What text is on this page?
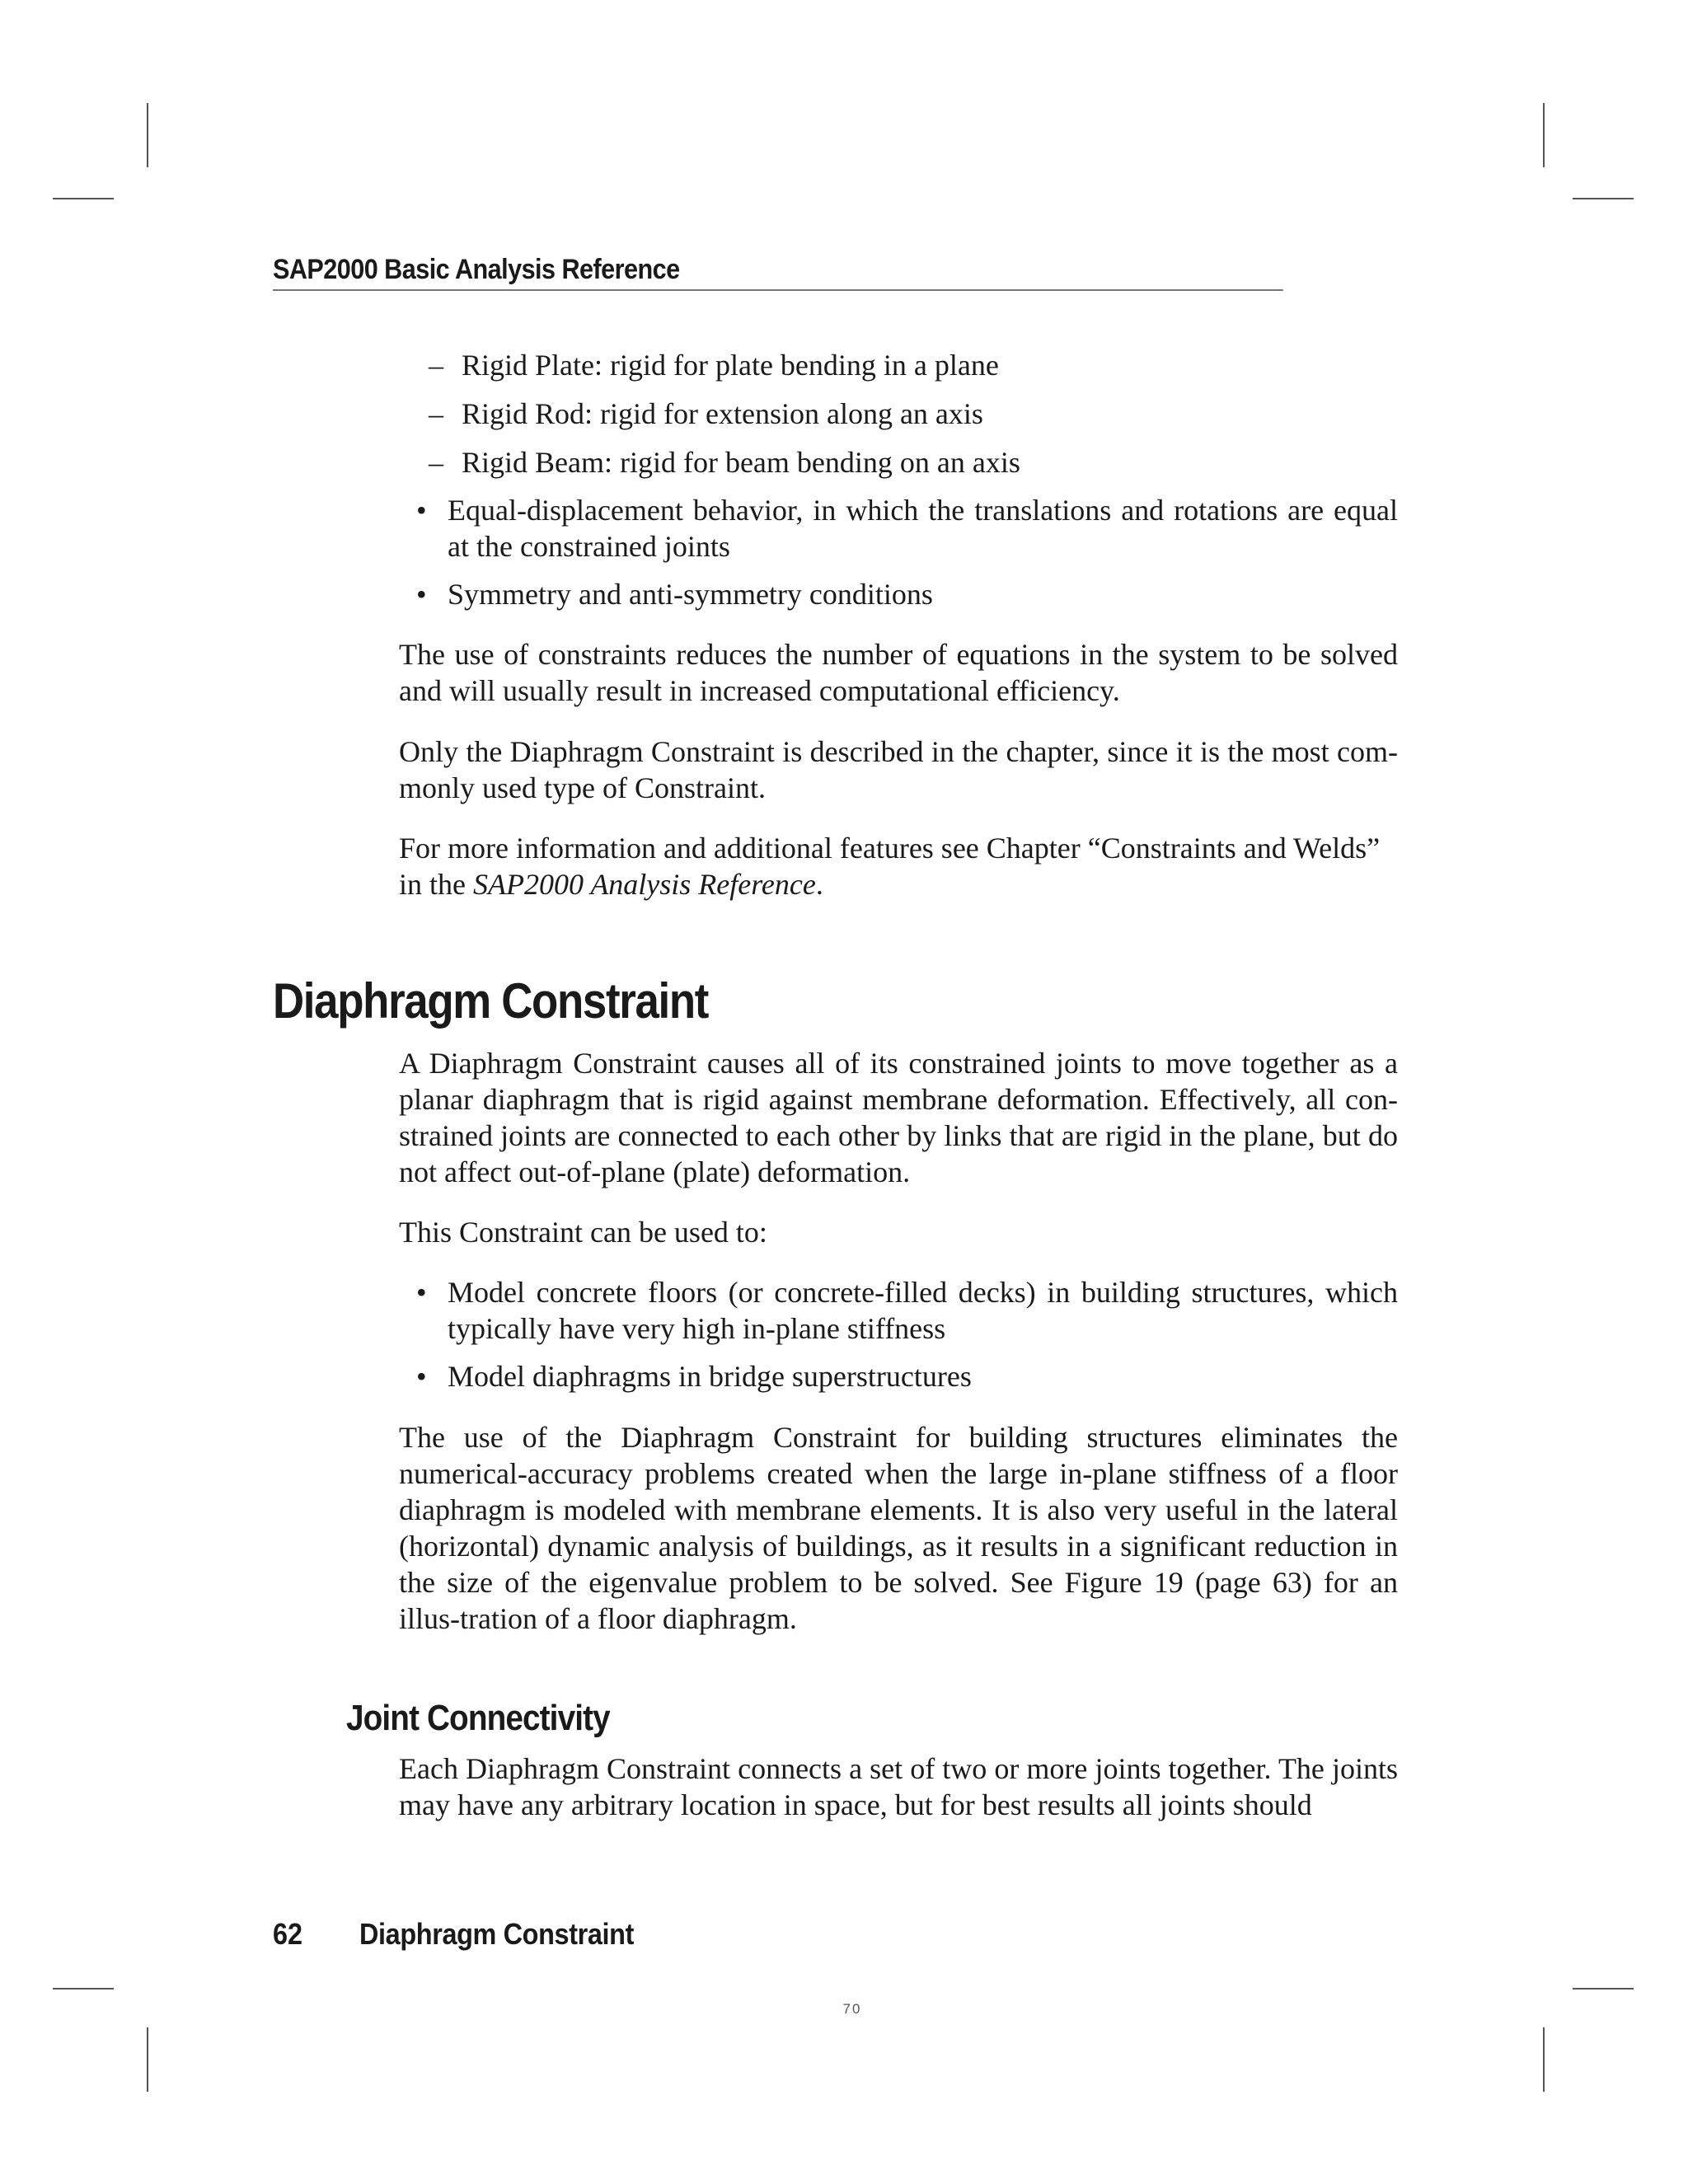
SAP2000 Basic Analysis Reference
– Rigid Plate: rigid for plate bending in a plane
– Rigid Rod: rigid for extension along an axis
– Rigid Beam: rigid for beam bending on an axis
• Equal-displacement behavior, in which the translations and rotations are equal at the constrained joints
• Symmetry and anti-symmetry conditions
The use of constraints reduces the number of equations in the system to be solved and will usually result in increased computational efficiency.
Only the Diaphragm Constraint is described in the chapter, since it is the most com-monly used type of Constraint.
For more information and additional features see Chapter “Constraints and Welds” in the SAP2000 Analysis Reference.
Diaphragm Constraint
A Diaphragm Constraint causes all of its constrained joints to move together as a planar diaphragm that is rigid against membrane deformation. Effectively, all con-strained joints are connected to each other by links that are rigid in the plane, but do not affect out-of-plane (plate) deformation.
This Constraint can be used to:
• Model concrete floors (or concrete-filled decks) in building structures, which typically have very high in-plane stiffness
• Model diaphragms in bridge superstructures
The use of the Diaphragm Constraint for building structures eliminates the numerical-accuracy problems created when the large in-plane stiffness of a floor diaphragm is modeled with membrane elements. It is also very useful in the lateral (horizontal) dynamic analysis of buildings, as it results in a significant reduction in the size of the eigenvalue problem to be solved. See Figure 19 (page 63) for an illus-tration of a floor diaphragm.
Joint Connectivity
Each Diaphragm Constraint connects a set of two or more joints together. The joints may have any arbitrary location in space, but for best results all joints should
62 Diaphragm Constraint
70
